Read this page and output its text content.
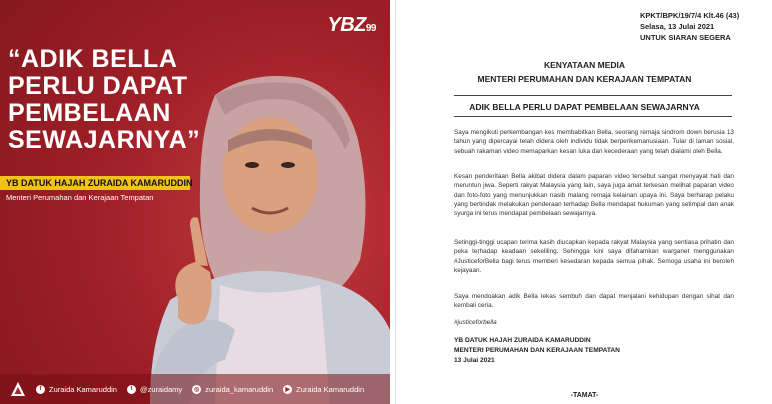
YBZ99
“ADIK BELLA
PERLU DAPAT
PEMBELAAN
SEWAJARNYA”
YB DATUK HAJAH ZURAIDA KAMARUDDIN
Menteri Perumahan dan Kerajaan Tempatan
f	Zuraida Kamaruddin	t	@zuraidamy	◎ zuraida_kamaruddin	▶ Zuraida Kamaruddin
KPKT/BPK/19/7/4 Klt.46 (43)
Selasa, 13 Julai 2021
UNTUK SIARAN SEGERA
KENYATAAN MEDIA
MENTERI PERUMAHAN DAN KERAJAAN TEMPATAN
ADIK BELLA PERLU DAPAT PEMBELAAN SEWAJARNYA
Saya mengikuti perkembangan kes membabitkan Bella, seorang remaja sindrom down berusia 13 tahun yang dipercayai telah didera oleh individu tidak berperikemanusiaan. Tular di laman sosial, sebuah rakaman video memaparkan kesan luka dan kecederaan yang telah dialami oleh Bella.
Kesan penderitaan Bella akibat didera dalam paparan video tersebut sangat menyayat hati dan meruntun jiwa. Seperti rakyat Malaysia yang lain, saya juga amat terkesan melihat paparan video dan foto-foto yang menunjukkan nasib malang remaja kelainan upaya ini. Saya berharap pelaku yang bertindak melakukan penderaan terhadap Bella mendapat hukuman yang setimpal dan anak syurga ini terus mendapat pembelaan sewajarnya.
Setinggi-tinggi ucapan terima kasih diucapkan kepada rakyat Malaysia yang sentiasa prihatin dan peka terhadap keadaan sekeliling. Sehingga kini saya difahamkan warganet menggunakan #JusticeforBella bagi terus memberi kesedaran kepada semua pihak. Semoga usaha ini beroleh kejayaan.
Saya mendoakan adik Bella lekas sembuh dan dapat menjalani kehidupan dengan sihat dan kembali ceria.
#justiceforbella
YB DATUK HAJAH ZURAIDA KAMARUDDIN
MENTERI PERUMAHAN DAN KERAJAAN TEMPATAN
13 Julai 2021
-TAMAT-
